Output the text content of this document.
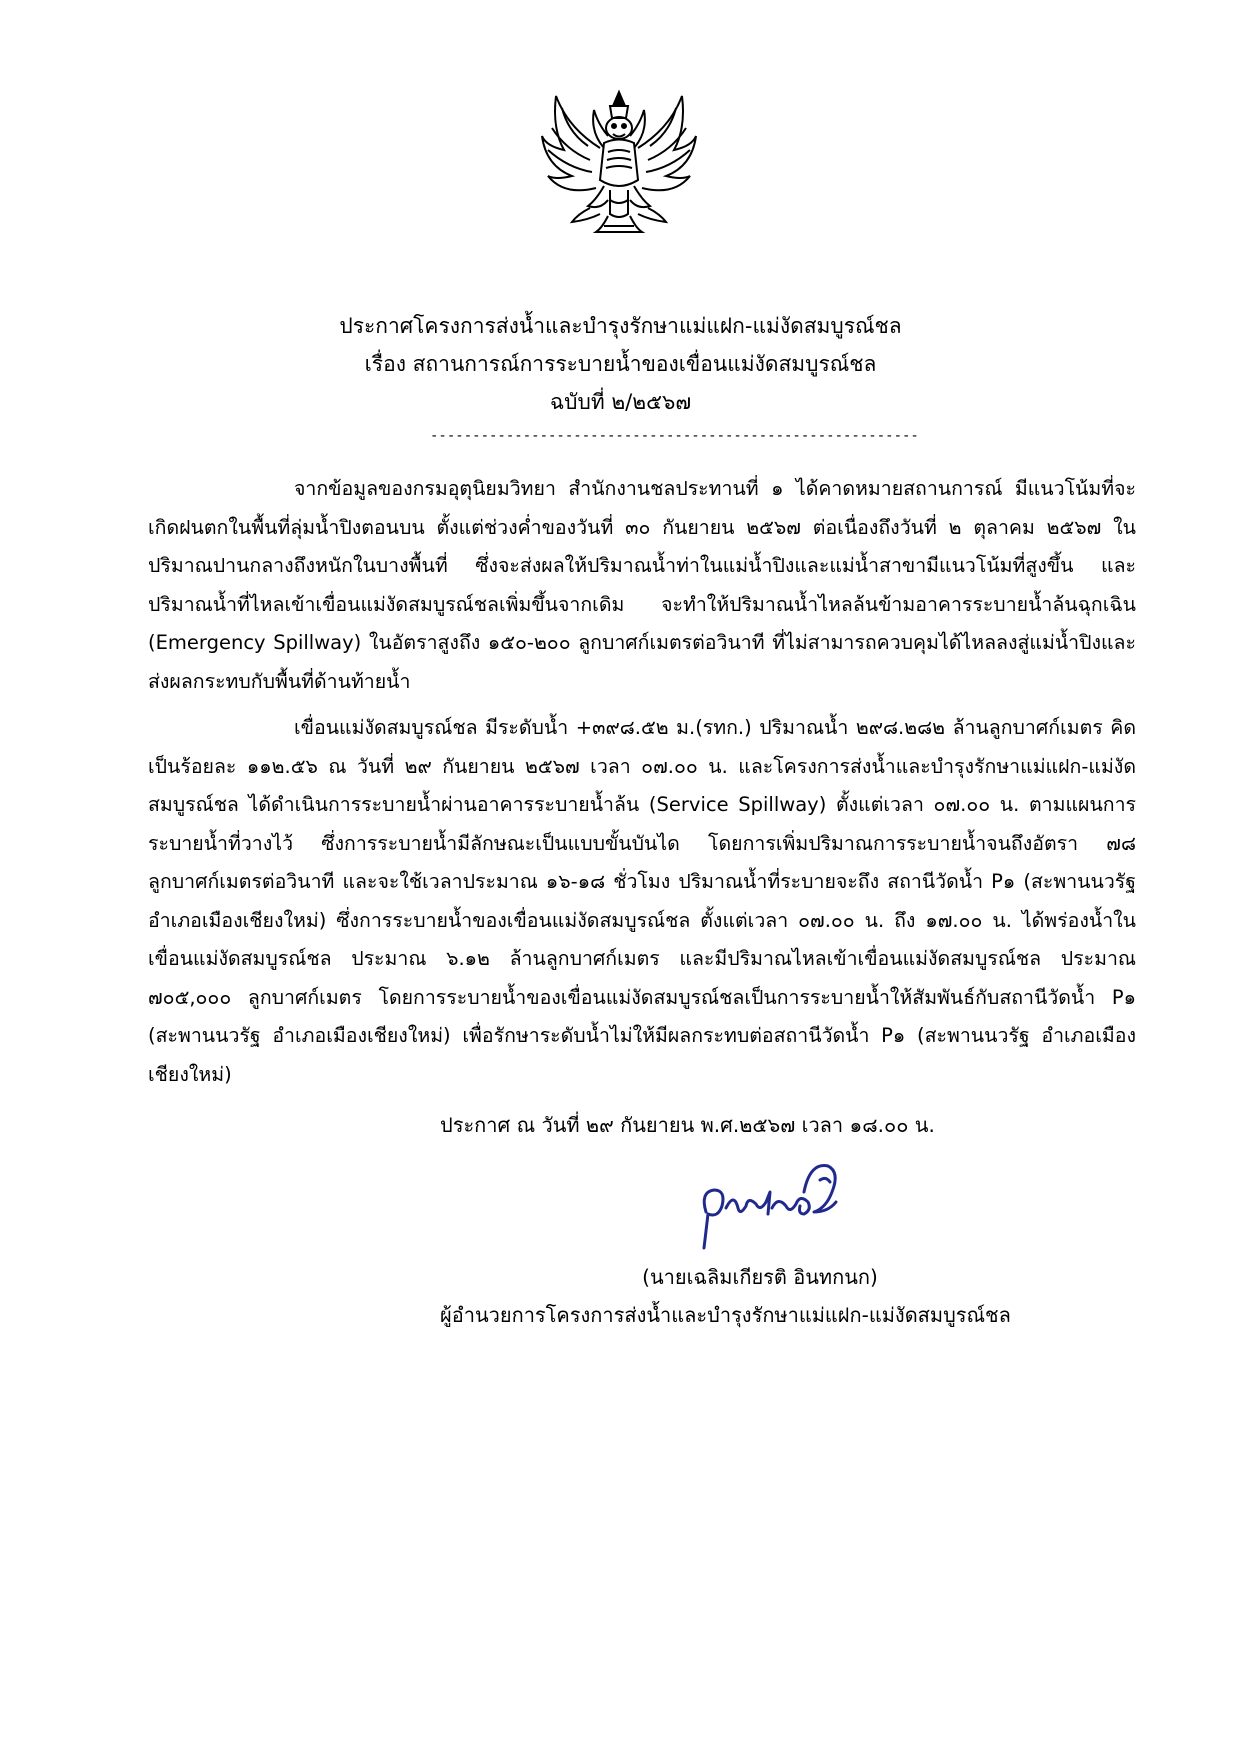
ประกาศโครงการส่งน้ำและบำรุงรักษาแม่แฝก-แม่งัดสมบูรณ์ชล
เรื่อง สถานการณ์การระบายน้ำของเขื่อนแม่งัดสมบูรณ์ชล
ฉบับที่ ๒/๒๕๖๗
----------------------------------------------------------

จากข้อมูลของกรมอุตุนิยมวิทยา สำนักงานชลประทานที่ ๑ ได้คาดหมายสถานการณ์ มีแนวโน้มที่จะเกิดฝนตกในพื้นที่ลุ่มน้ำปิงตอนบน ตั้งแต่ช่วงค่ำของวันที่ ๓๐ กันยายน ๒๕๖๗ ต่อเนื่องถึงวันที่ ๒ ตุลาคม ๒๕๖๗ ในปริมาณปานกลางถึงหนักในบางพื้นที่ ซึ่งจะส่งผลให้ปริมาณน้ำท่าในแม่น้ำปิงและแม่น้ำสาขามีแนวโน้มที่สูงขึ้น และปริมาณน้ำที่ไหลเข้าเขื่อนแม่งัดสมบูรณ์ชลเพิ่มขึ้นจากเดิม จะทำให้ปริมาณน้ำไหลล้นข้ามอาคารระบายน้ำล้นฉุกเฉิน (Emergency Spillway) ในอัตราสูงถึง ๑๕๐-๒๐๐ ลูกบาศก์เมตรต่อวินาที ที่ไม่สามารถควบคุมได้ไหลลงสู่แม่น้ำปิงและส่งผลกระทบกับพื้นที่ด้านท้ายน้ำ

เขื่อนแม่งัดสมบูรณ์ชล มีระดับน้ำ +๓๙๘.๕๒ ม.(รทก.) ปริมาณน้ำ ๒๙๘.๒๘๒ ล้านลูกบาศก์เมตร คิดเป็นร้อยละ ๑๑๒.๕๖ ณ วันที่ ๒๙ กันยายน ๒๕๖๗ เวลา ๐๗.๐๐ น. และโครงการส่งน้ำและบำรุงรักษาแม่แฝก-แม่งัดสมบูรณ์ชล ได้ดำเนินการระบายน้ำผ่านอาคารระบายน้ำล้น (Service Spillway) ตั้งแต่เวลา ๐๗.๐๐ น. ตามแผนการระบายน้ำที่วางไว้ ซึ่งการระบายน้ำมีลักษณะเป็นแบบขั้นบันได โดยการเพิ่มปริมาณการระบายน้ำจนถึงอัตรา ๗๘ ลูกบาศก์เมตรต่อวินาที และจะใช้เวลาประมาณ ๑๖-๑๘ ชั่วโมง ปริมาณน้ำที่ระบายจะถึง สถานีวัดน้ำ P๑ (สะพานนวรัฐ อำเภอเมืองเชียงใหม่) ซึ่งการระบายน้ำของเขื่อนแม่งัดสมบูรณ์ชล ตั้งแต่เวลา ๐๗.๐๐ น. ถึง ๑๗.๐๐ น. ได้พร่องน้ำในเขื่อนแม่งัดสมบูรณ์ชล ประมาณ ๖.๑๒ ล้านลูกบาศก์เมตร และมีปริมาณไหลเข้าเขื่อนแม่งัดสมบูรณ์ชล ประมาณ ๗๐๕,๐๐๐ ลูกบาศก์เมตร โดยการระบายน้ำของเขื่อนแม่งัดสมบูรณ์ชลเป็นการระบายน้ำให้สัมพันธ์กับสถานีวัดน้ำ P๑ (สะพานนวรัฐ อำเภอเมืองเชียงใหม่) เพื่อรักษาระดับน้ำไม่ให้มีผลกระทบต่อสถานีวัดน้ำ P๑ (สะพานนวรัฐ อำเภอเมืองเชียงใหม่)

ประกาศ ณ วันที่ ๒๙ กันยายน พ.ศ.๒๕๖๗ เวลา ๑๘.๐๐ น.
(นายเฉลิมเกียรติ อินทกนก)
ผู้อำนวยการโครงการส่งน้ำและบำรุงรักษาแม่แฝก-แม่งัดสมบูรณ์ชล
